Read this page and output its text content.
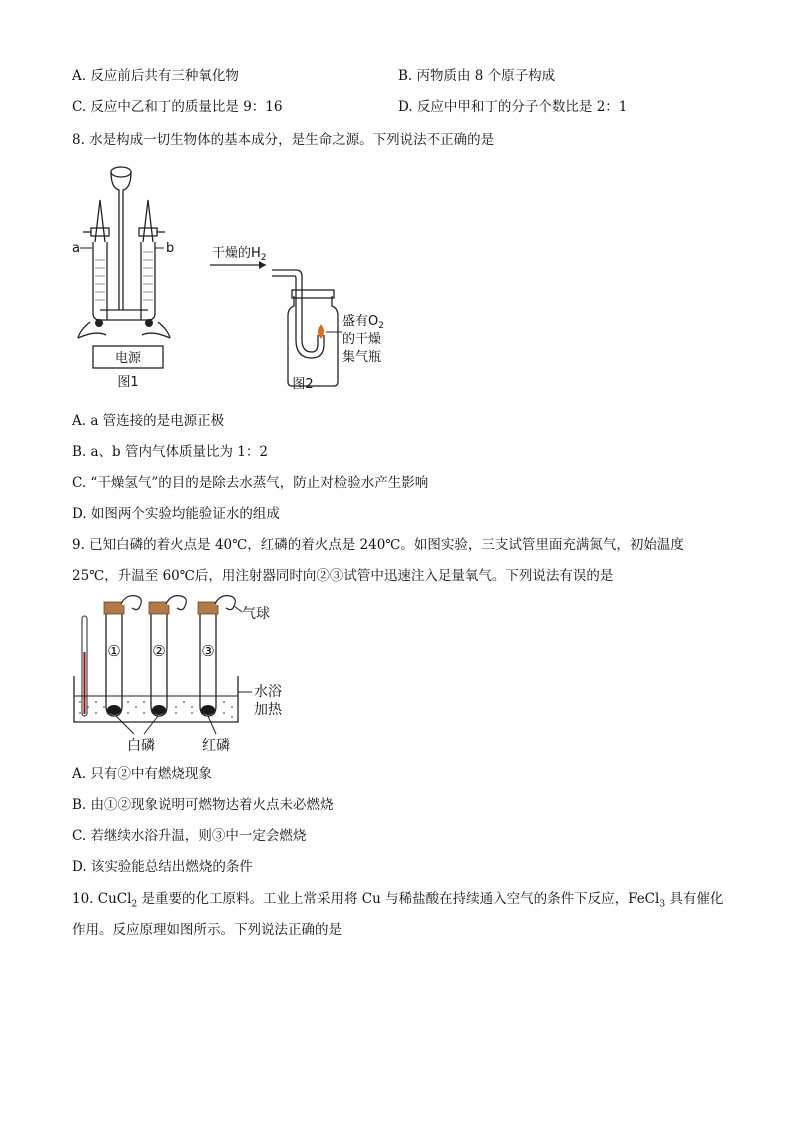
A. 反应前后共有三种氧化物	B. 丙物质由 8 个原子构成
C. 反应中乙和丁的质量比是 9：16	D. 反应中甲和丁的分子个数比是 2：1
8. 水是构成一切生物体的基本成分，是生命之源。下列说法不正确的是
电源
a	b
图1
干燥的$H_2$
盛有$O_2$
的干燥
集气瓶
图2
A. a 管连接的是电源正极
B. a、b 管内气体质量比为 1：2
C. “干燥氢气”的目的是除去水蒸气，防止对检验水产生影响
D. 如图两个实验均能验证水的组成
9. 已知白磷的着火点是 40℃，红磷的着火点是 240℃。如图实验，三支试管里面充满氮气，初始温度
25℃，升温至 60℃后，用注射器同时向②③试管中迅速注入足量氧气。下列说法有误的是
气球
① ② ③
水浴
加热
白磷	红磷
A. 只有②中有燃烧现象
B. 由①②现象说明可燃物达着火点未必燃烧
C. 若继续水浴升温，则③中一定会燃烧
D. 该实验能总结出燃烧的条件
10. CuCl$_2$ 是重要的化工原料。工业上常采用将 Cu 与稀盐酸在持续通入空气的条件下反应，FeCl$_3$ 具有催化
作用。反应原理如图所示。下列说法正确的是
